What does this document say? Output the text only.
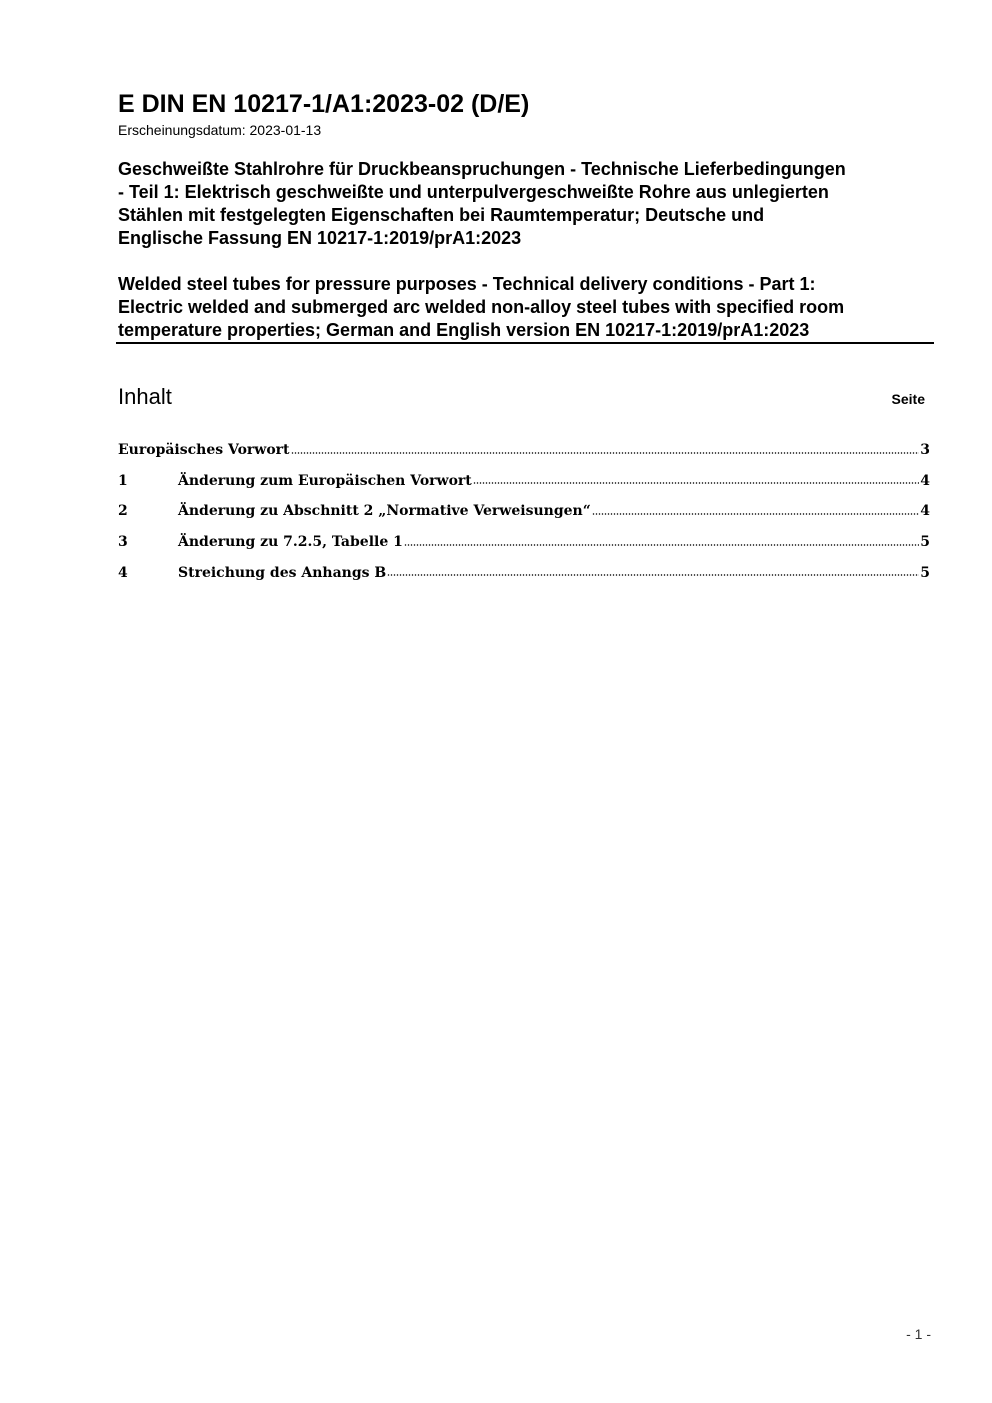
E DIN EN 10217-1/A1:2023-02 (D/E)
Erscheinungsdatum: 2023-01-13
Geschweißte Stahlrohre für Druckbeanspruchungen - Technische Lieferbedingungen
- Teil 1: Elektrisch geschweißte und unterpulvergeschweißte Rohre aus unlegierten
Stählen mit festgelegten Eigenschaften bei Raumtemperatur; Deutsche und
Englische Fassung EN 10217-1:2019/prA1:2023
Welded steel tubes for pressure purposes - Technical delivery conditions - Part 1:
Electric welded and submerged arc welded non-alloy steel tubes with specified room
temperature properties; German and English version EN 10217-1:2019/prA1:2023
Inhalt	Seite
Europäisches Vorwort	3
1	Änderung zum Europäischen Vorwort	4
2	Änderung zu Abschnitt 2 „Normative Verweisungen“	4
3	Änderung zu 7.2.5, Tabelle 1	5
4	Streichung des Anhangs B	5
- 1 -
